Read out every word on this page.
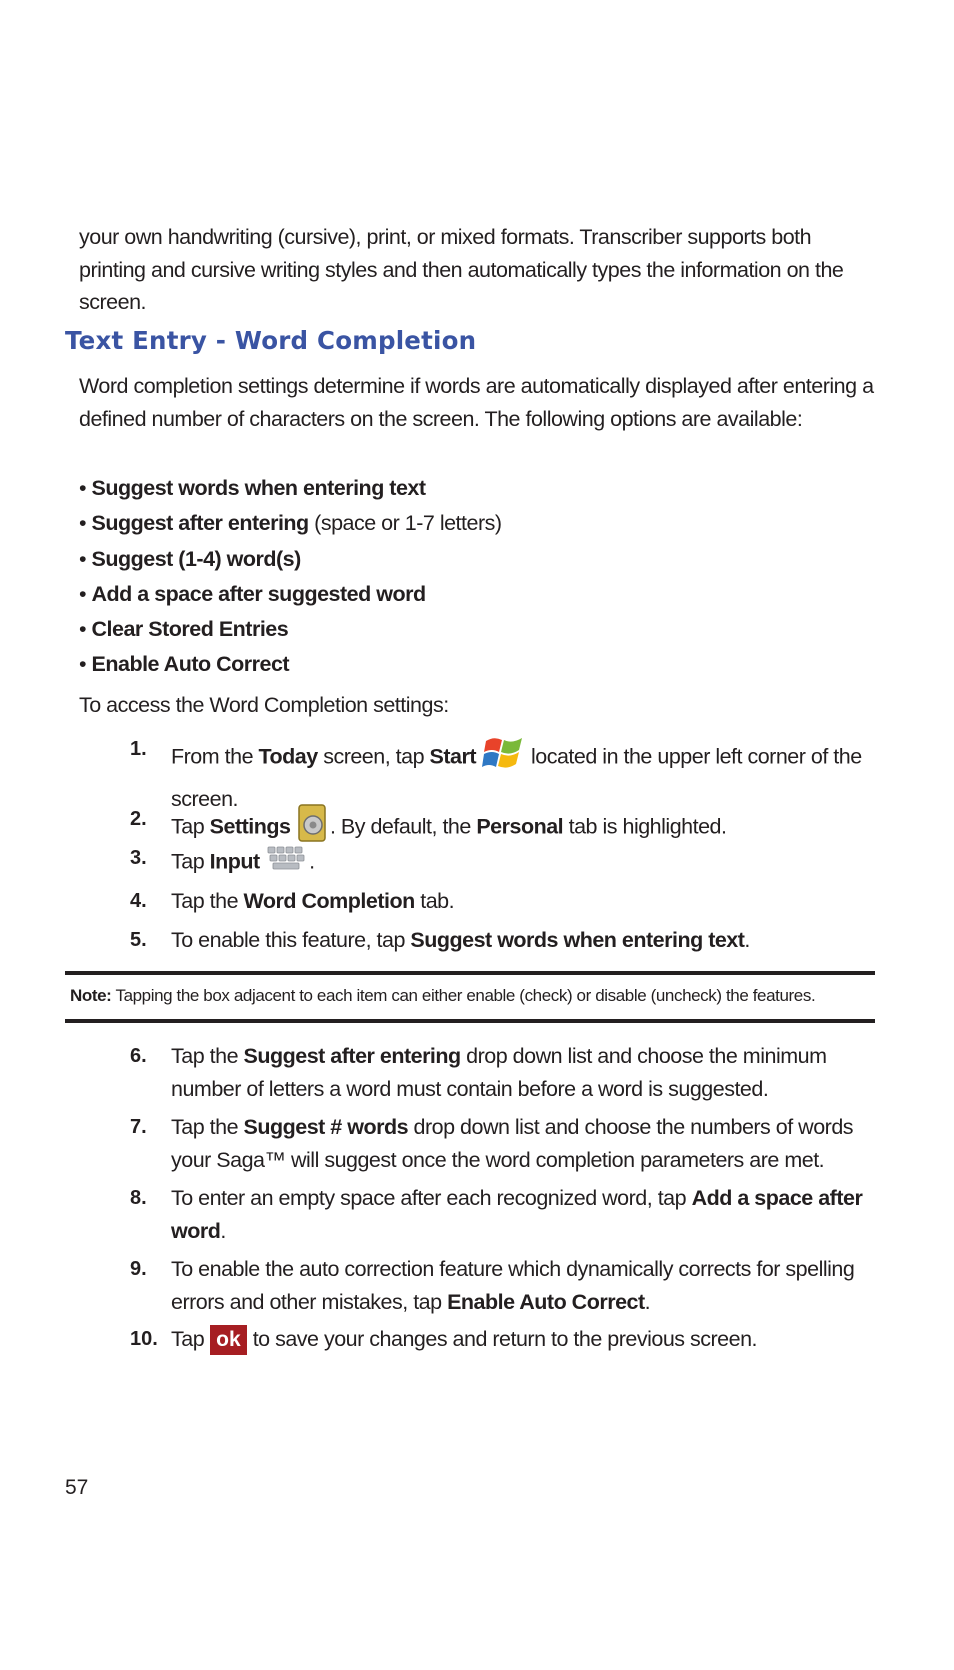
your own handwriting (cursive), print, or mixed formats. Transcriber supports both printing and cursive writing styles and then automatically types the information on the screen.

Text Entry - Word Completion

Word completion settings determine if words are automatically displayed after entering a defined number of characters on the screen. The following options are available:

• Suggest words when entering text
• Suggest after entering (space or 1-7 letters)
• Suggest (1-4) word(s)
• Add a space after suggested word
• Clear Stored Entries
• Enable Auto Correct

To access the Word Completion settings:

1. From the Today screen, tap Start  located in the upper left corner of the screen.
2. Tap Settings . By default, the Personal tab is highlighted.
3. Tap Input .
4. Tap the Word Completion tab.
5. To enable this feature, tap Suggest words when entering text.

Note: Tapping the box adjacent to each item can either enable (check) or disable (uncheck) the features.

6. Tap the Suggest after entering drop down list and choose the minimum number of letters a word must contain before a word is suggested.
7. Tap the Suggest # words drop down list and choose the numbers of words your Saga™ will suggest once the word completion parameters are met.
8. To enter an empty space after each recognized word, tap Add a space after word.
9. To enable the auto correction feature which dynamically corrects for spelling errors and other mistakes, tap Enable Auto Correct.
10. Tap ok to save your changes and return to the previous screen.
57
